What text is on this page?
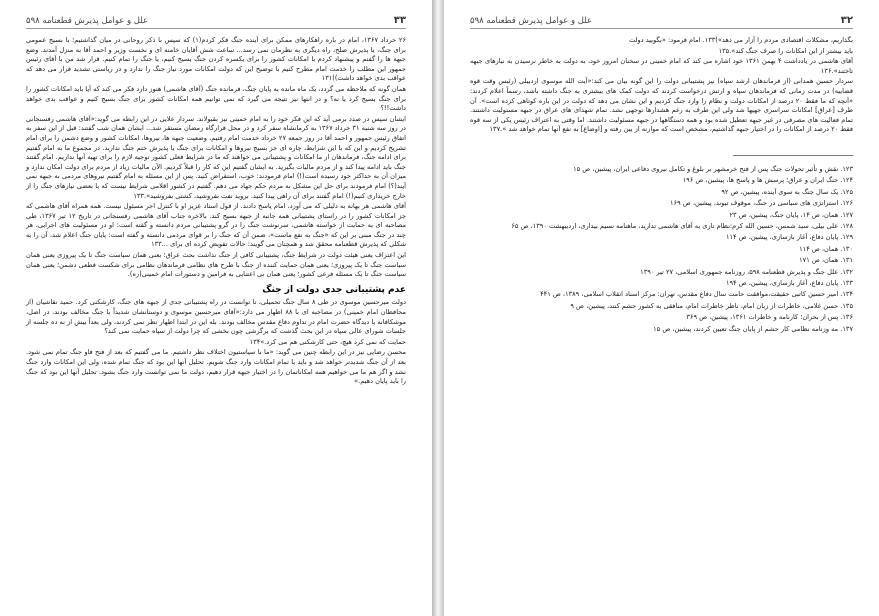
۳۳
علل و عوامل پذیرش قطعنامه ۵۹۸

۲۶ خرداد ۱۳۶۷، امام در باره راهکارهای ممکن برای آینده جنگ فکر کردم(۱) که سپس با ذکر روحانی در میان گذاشتیم؛ با بسیج عمومی برای جنگ، یا پذیرش صلح، راه دیگری به نظرمان نمی رسد... ساعت شش آقایان خامنه ای و نخست وزیر و احمد آقا به منزل آمدند. وضع جبهه ها را گفتم و پیشنهاد کردم با امکانات کشور را برای یکسره کردن جنگ بسیج کنیم، یا جنگ را تمام کنیم. قرار شد من با آقای رئیس جمهور این مطلب را خدمت امام مطرح کنیم با توضیح این که دولت امکانات مورد نیاز جنگ را ندارد و در ریاستی تشدید قرار می دهد که عواقب بدی خواهد داشت))۱۳۱

همان گونه که ملاحظه می گردد، یک ماه مانده به پایان جنگ، فرمانده جنگ (آقای هاشمی) هنوز دارد فکر می کند که آیا باید امکانات کشور را برای جنگ بسیج کرد یا نه؟ و در انتها نیز نتیجه می گیرد که نمی توانیم همه امکانات کشور برای جنگ بسیج کنیم و عواقب بدی خواهد داشت!!؟

ایشان سپس در صدد برمی آید که این فکر خود را به امام خمینی نیز بقبولاند. سردار علایی در این رابطه می گوید:«آقای هاشمی رفسنجانی در روز سه شنبه ۳۱ خرداد ۱۳۶۷ به کرمانشاه سفر کرد و در محل قرارگاه رمضان مستقر شد... ایشان همان شب گفتند: قبل از این سفر به اتفاق رئیس جمهور و احمد آقا در روز جمعه ۲۷ خرداد خدمت امام رفتیم، وضعیت جبهه ها، نیروها، امکانات کشور و وضع دشمن را برای امام تشریح کردیم و این که با این شرایط، چاره ای جز بسیج نیروها و امکانات برای جنگ یا پذیرش ختم جنگ ندارید. در مجموع ما به امام گفتیم برای ادامه جنگ، فرماندهان از ما امکانات و پشتیبانی می خواهند که ما در شرایط فعلی کشور توجیه لازم را برای تهیه آنها نداریم. امام گفتند جنگ باید ادامه پیدا کند و از مردم مالیات بگیرید. به ایشان گفتیم این که کار را قبلاً کردیم. الآن مالیات زیاد از مردم برای دولت امکان ندارد و میزان آن به حداکثر خود رسیده است(!) امام فرمودند: خوب، استقراض کنید. پس از این مسئله به امام گفتیم نیروهای مردمی به جبهه نمی آیند(؟) امام فرمودند برای حل این مشکل به مردم حکم جهاد می دهم. گفتیم در کشور اقلامی شرایط نیست که با بعضی نیازهای جنگ را از خارج خریداری کنیم(!) امام گفتند برای آن راهی پیدا کنید. بروید نفت بفروشید، کشتی بفروشید».۱۳۳

آقای هاشمی هر بهانه به دلیلی که می آورد، امام پاسخ دادند. از قول استاد عزیز او با کنترل اجر مسئول نیست. همه همراه آقای هاشمی که جز امکانات کشور را در راستای پشتیبانی همه جانبه از جبهه بسیج کند. بالاخره جناب آقای هاشمی رفسنجانی در تاریخ ۱۲ تیر ۱۳۶۷، طی مصاحبه ای به حمایت از خواسته هاشمی، سرنوشت جنگ را در گرو پشتیبانی مردم دانسته و گفته است: او در مسئولیت های اجرایی، هر چند در جنگ مبنی بر این که «جنگ به نفع ماست»، ضمن آن که جنگ را بر قوای مردمی دانسته و گفته است: پایان جنگ اعلام شد، آن را به شکلی که پذیرش قطعنامه محقق شد و همچنان می گویند: حالات تفویض کرده ای برای ...۱۳۳

این اعتراف یعنی هیئت دولت در شرایط جنگ، پشتیبانی کافی از جنگ نداشت بحث عراق؛ یعنی همان سیاست جنگ تا یک پیروزی یعنی همان سیاست جنگ تا یک پیروزی؛ یعنی همان حمایت کننده از جنگ با طرح های نظامی فرماندهان نظامی برای شکست قطعی دشمن؛ یعنی همان سیاست جنگ تا یک مسئله فرعی کشور؛ یعنی همان بی اعتنایی به فرامین و دستورات امام خمینی(ره).

عدم پشتیبانی جدی دولت از جنگ

دولت میرحسین موسوی در طی ۸ سال جنگ تحمیلی، تا توانست در راه پشتیبانی جدی از جبهه های جنگ، کارشکنی کرد. حمید نقاشیان (از محافظان امام خمینی) در مصاحبه ای با ۸۸ اظهار می دارد:«آقای میرحسین موسوی و دوستانشان شدیداً با جنگ مخالف بودند. در اصل، موشکافانه با دیدگاه حضرت امام در تداوم دفاع مقدس مخالف بودند. بله این در ابتدا اظهار نظر نمی کردند، ولی بعداً بیش از نه ده جلسه از جلسات شورای عالی سپاه در این بحث گذشت که برگرشی چون بخشی که چرا دولت از سپاه حمایت نمی کند؟

حمایت که نمی کرد هیچ، حتی کارشکنی هم می کرد.»۱۳۴

محسن رضایی نیز در این رابطه چنین می گوید: «ما با سیاستیون اختلاف نظر داشتیم. ما می گفتیم که بعد از فتح فاو جنگ تمام نمی شود. بعد از آن جنگ شدیدتر خواهد شد و باید با تمام امکانات وارد جنگ شویم. تحلیل آنها این بود که جنگ تمام شده، ولی این امکانات وارد جنگ نشد و اگر هم ما می خواهیم همه امکاناتمان را در اختیار جبهه قرار دهیم، دولت ما نمی توانست وارد جنگ بشود. تحلیل آنها این بود که جنگ را باید پایان دهیم.»

۳۲
علل و عوامل پذیرش قطعنامه ۵۹۸

بگذاریم، مشکلات اقتصادی مردم را آزار می دهد»)۱۳۳. امام فرمود: «بگویید دولت

باید بیشتر از این امکانات را صرف جنگ کند».۱۳۵

آقای هاشمی در یادداشت ۴ بهمن ۱۳۶۱ خود اشاره می کند که امام خمینی در سخنان امروز خود، به دولت به خاطر نرسیدن به نیازهای جبهه تاختند».۱۳۶

سردار حسین همدانی (از فرماندهان ارشد سپاه) نیز پشتیبانی دولت را این گونه بیان می کند:«آیت الله موسوی اردبیلی (رئیس وقت قوه قضاییه) در مدت زمانی که فرماندهان سپاه و ارتش درخواست کردند که دولت کمک های بیشتری به جنگ داشته باشد، رسماً اعلام کردند: «آنچه که ما فقط ۲۰ درصد از امکانات دولت و نظام را وارد جنگ کردیم و این نشان می دهد که دولت در این باره کوتاهی کرده است». آن طرف [عراق] امکانات سراسری جهیها شد ولی این طرف به رغم هشدارها توجهی نشد. تمام شهدای های عراق در جبهه مستولیت داشتند. تمام فعالیت های مصرفی در غیر جبهه تعطیل شده بود و همه دستگاهها در جبهه مسئولیت داشتند. اما وقتی به اعتراف رئیس یکی از سه قوه فقط ۲۰ درصد از امکانات را در اختیار جبهه گذاشتیم، مشخص است که موازنه از بین رفته و [اوضاع] به نفع آنها تمام خواهد شد ».۱۳۷

۱۲۳. نقش و تأثیر تحولات جنگ پس از فتح خرمشهر بر بلوغ و تکامل نیروی دفاعی ایران، پیشین، ص ۱۵
۱۲۴. جنگ ایران و عراق؛ پرسش ها و پاسخ ها، پیشین، ص ۱۹۶
۱۲۵. یک سال جنگ به سوی آینده، پیشین، ص ۹۲
۱۲۶. استراتژی های سیاسی در جنگ، موقوف تیوند، پیشین، ص ۱۶۹
۱۲۷. همان، ص ۱۴، پایان جنگ، پیشین، ص ۲۳
۱۲۸. علی بیلی، سید شمس، حسین الله کرم:نظام تازی به آقای هاشمی تدارید، ماهنامه نسیم بیداری، اردیبهشت ۱۳۹۰، ص ۶۵
۱۲۹. پایان دفاع، آغاز بازسازی، پیشین، ص ۱۱۴
۱۳۰. همان، ص ۱۱۴
۱۳۱. همان، ص ۱۷۱
۱۳۲. علل جنگ و پذیرش قطعنامه ۵۹۸، روزنامه جمهوری اسلامی، ۲۷ تیر ۱۳۹۰
۱۳۳. پایان دفاع، آغاز بازسازی، پیشین، ص ۱۹۴
۱۳۴. امیر حسین کاتبی حقیقت،موافقت حامت سال دفاع مقدس، تهران: مرکز اسناد انقلاب اسلامی، ۱۳۸۹، ص ۴۴۱
۱۳۵. حسن غلامی، خاطرات از زبان امام، ناظر خاطرات امام، منافقی به کشور حشم کنند، پیشین، ص ۹
۱۳۶. پس از بحران؛ کارنامه و خاطرات ۱۳۶۱، پیشین، ص ۳۶۹
۱۳۷. مه وزنامه نظامی کار حشم از پایان جنگ تعیین کردند، پیشین، ص ۱۵
